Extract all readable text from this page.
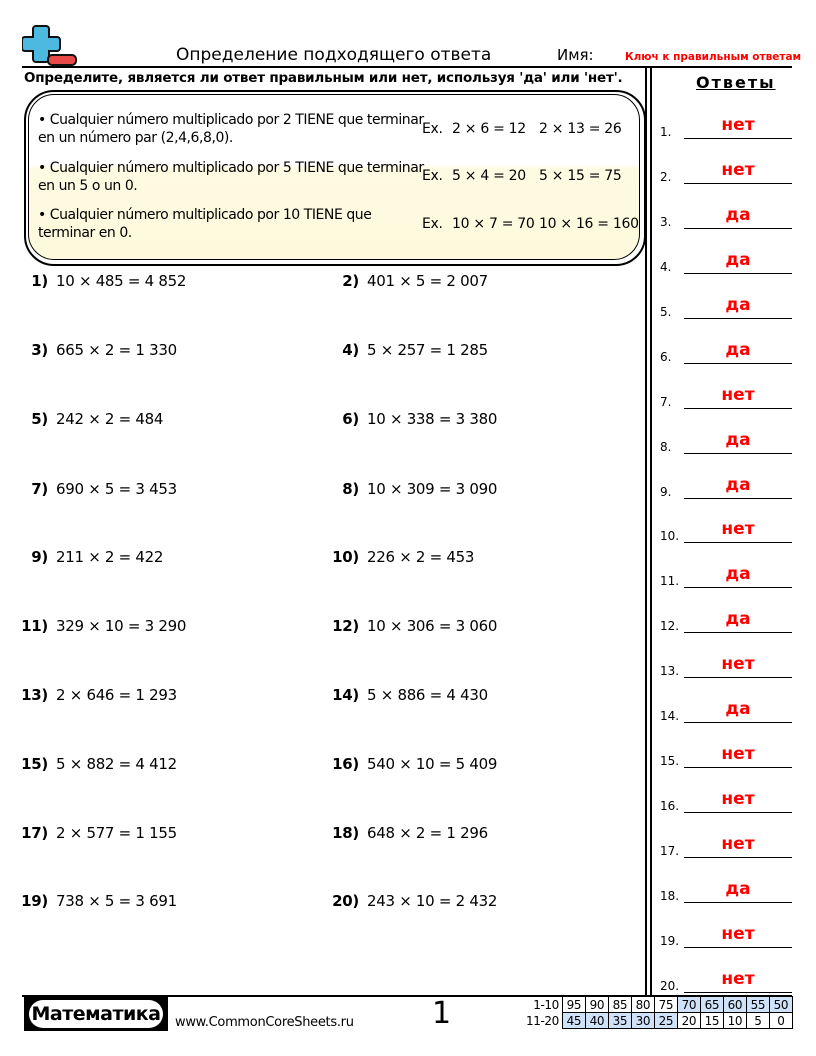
Определение подходящего ответа	Имя:	Ключ к правильным ответам
Определите, является ли ответ правильным или нет, используя 'да' или 'нет'.
• Cualquier número multiplicado por 2 TIENE que terminar en un número par (2,4,6,8,0).
Ex. 2 × 6 = 12 2 × 13 = 26
• Cualquier número multiplicado por 5 TIENE que terminar en un 5 o un 0.
Ex. 5 × 4 = 20 5 × 15 = 75
• Cualquier número multiplicado por 10 TIENE que terminar en 0.
Ex. 10 × 7 = 70 10 × 16 = 160
1) 10 × 485 = 4 852	2) 401 × 5 = 2 007
3) 665 × 2 = 1 330	4) 5 × 257 = 1 285
5) 242 × 2 = 484	6) 10 × 338 = 3 380
7) 690 × 5 = 3 453	8) 10 × 309 = 3 090
9) 211 × 2 = 422	10) 226 × 2 = 453
11) 329 × 10 = 3 290	12) 10 × 306 = 3 060
13) 2 × 646 = 1 293	14) 5 × 886 = 4 430
15) 5 × 882 = 4 412	16) 540 × 10 = 5 409
17) 2 × 577 = 1 155	18) 648 × 2 = 1 296
19) 738 × 5 = 3 691	20) 243 × 10 = 2 432
Ответы
1.	нет
2.	нет
3.	да
4.	да
5.	да
6.	да
7.	нет
8.	да
9.	да
10.	нет
11.	да
12.	да
13.	нет
14.	да
15.	нет
16.	нет
17.	нет
18.	да
19.	нет
20.	нет
Математика www.CommonCoreSheets.ru	1	1-10	95	90	85	80	75	70	65	60	55	50
11-20	45	40	35	30	25	20	15	10	5	0
